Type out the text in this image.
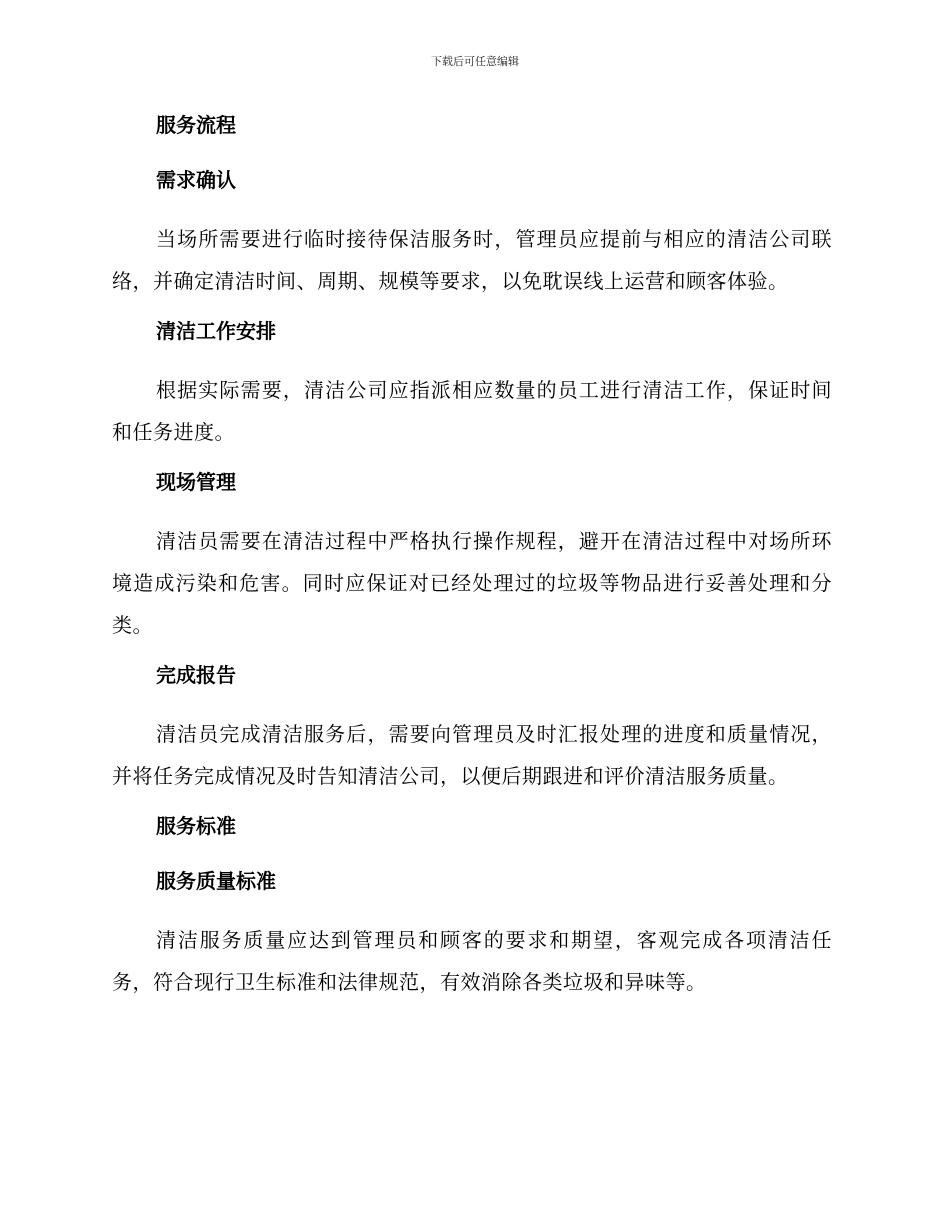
下载后可任意编辑
服务流程
需求确认

当场所需要进行临时接待保洁服务时，管理员应提前与相应的清洁公司联络，并确定清洁时间、周期、规模等要求，以免耽误线上运营和顾客体验。

清洁工作安排

根据实际需要，清洁公司应指派相应数量的员工进行清洁工作，保证时间和任务进度。

现场管理

清洁员需要在清洁过程中严格执行操作规程，避开在清洁过程中对场所环境造成污染和危害。同时应保证对已经处理过的垃圾等物品进行妥善处理和分类。

完成报告

清洁员完成清洁服务后，需要向管理员及时汇报处理的进度和质量情况，并将任务完成情况及时告知清洁公司，以便后期跟进和评价清洁服务质量。

服务标准
服务质量标准

清洁服务质量应达到管理员和顾客的要求和期望，客观完成各项清洁任务，符合现行卫生标准和法律规范，有效消除各类垃圾和异味等。
